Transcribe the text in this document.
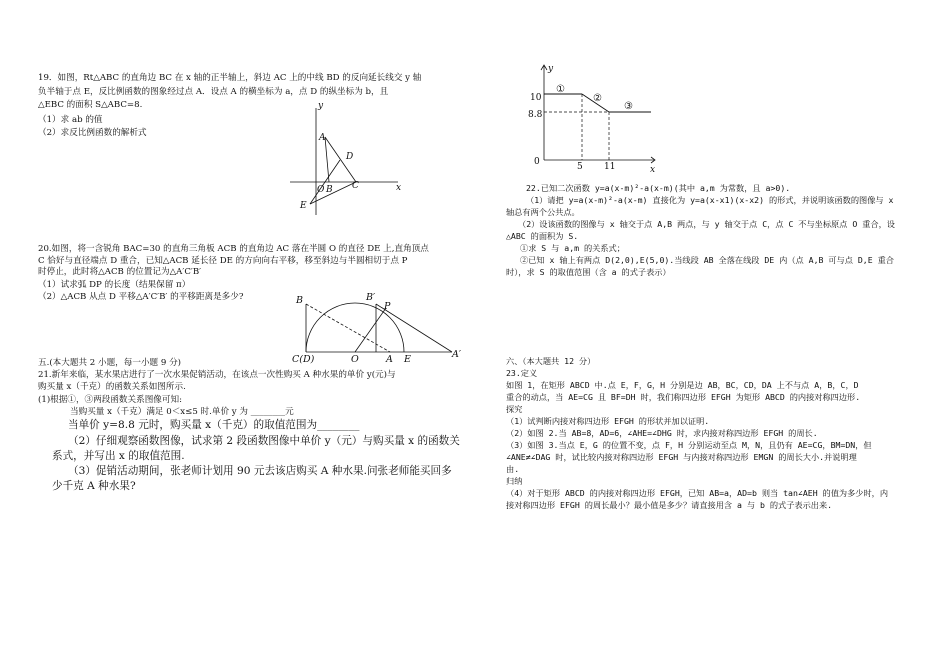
19．如图，Rt△ABC 的直角边 BC 在 x 轴的正半轴上，斜边 AC 上的中线 BD 的反向延长线交 y 轴
负半轴于点 E，反比例函数的图象经过点 A．设点 A 的横坐标为 a，点 D 的纵坐标为 b，且
△EBC 的面积 S△ABC=8.
（1）求 ab 的值
（2）求反比例函数的解析式
y
x
A
D
O B C
E
20.如图，将一含锐角 BAC=30 的直角三角板 ACB 的直角边 AC 落在半圆 O 的直径 DE 上,直角顶点
C 恰好与直径端点 D 重合，已知△ACB 延长径 DE 的方向向右平移，移至斜边与半圆相切于点 P
时停止，此时将△ACB 的位置记为△A′C′B′
（1）试求弧 DP 的长度（结果保留 π）
（2）△ACB 从点 D 平移△A′C′B′ 的平移距离是多少?	B	B′
P
C(D)	O	A E	A′
五.(本大题共 2 小题，每一小题 9 分)
21.新年来临，某水果店进行了一次水果促销活动，在该点一次性购买 A 种水果的单价 y(元)与
购买量 x（千克）的函数关系如图所示.
(1)根据①，③两段函数关系图像可知:
当购买量 x（千克）满足 0＜x≤5 时.单价 y 为 ________元
当单价 y=8.8 元时，购买量 x（千克）的取值范围为________
（2）仔细观察函数图像，试求第 2 段函数图像中单价 y（元）与购买量 x 的函数关
系式，并写出 x 的取值范围.
（3）促销活动期间，张老师计划用 90 元去该店购买 A 种水果.问张老师能买回多
少千克 A 种水果?
y
x
0
10
8.8
5 11
①
②
③
22.已知二次函数 y=a(x-m)²-a(x-m)(其中 a,m 为常数，且 a>0).
（1）请把 y=a(x-m)²-a(x-m) 直接化为 y=a(x-x1)(x-x2) 的形式，并说明该函数的图像与 x
轴总有两个公共点。
（2）设该函数的图像与 x 轴交于点 A,B 两点，与 y 轴交于点 C，点 C 不与坐标原点 O 重合，设
△ABC 的面积为 S.
①求 S 与 a,m 的关系式；
②已知 x 轴上有两点 D(2,0),E(5,0).当线段 AB 全落在线段 DE 内（点 A,B 可与点 D,E 重合
时），求 S 的取值范围（含 a 的式子表示）
六、（本大题共 12 分）
23.定义
如图 1，在矩形 ABCD 中.点 E，F，G，H 分别是边 AB，BC，CD，DA 上不与点 A，B，C，D
重合的动点，当 AE=CG 且 BF=DH 时，我们称四边形 EFGH 为矩形 ABCD 的内接对称四边形.
探究
（1）试判断内接对称四边形 EFGH 的形状并加以证明.
（2）如图 2.当 AB=8，AD=6，∠AHE=∠DHG 时，求内接对称四边形 EFGH 的周长.
（3）如图 3.当点 E，G 的位置不变，点 F，H 分别运动至点 M，N，且仍有 AE=CG，BM=DN，但
∠ANE≠∠DAG 时，试比较内接对称四边形 EFGH 与内接对称四边形 EMGN 的周长大小.并说明理
由.
归纳
（4）对于矩形 ABCD 的内接对称四边形 EFGH，已知 AB=a，AD=b 则当 tan∠AEH 的值为多少时，内
接对称四边形 EFGH 的周长最小？最小值是多少？请直接用含 a 与 b 的式子表示出来.
